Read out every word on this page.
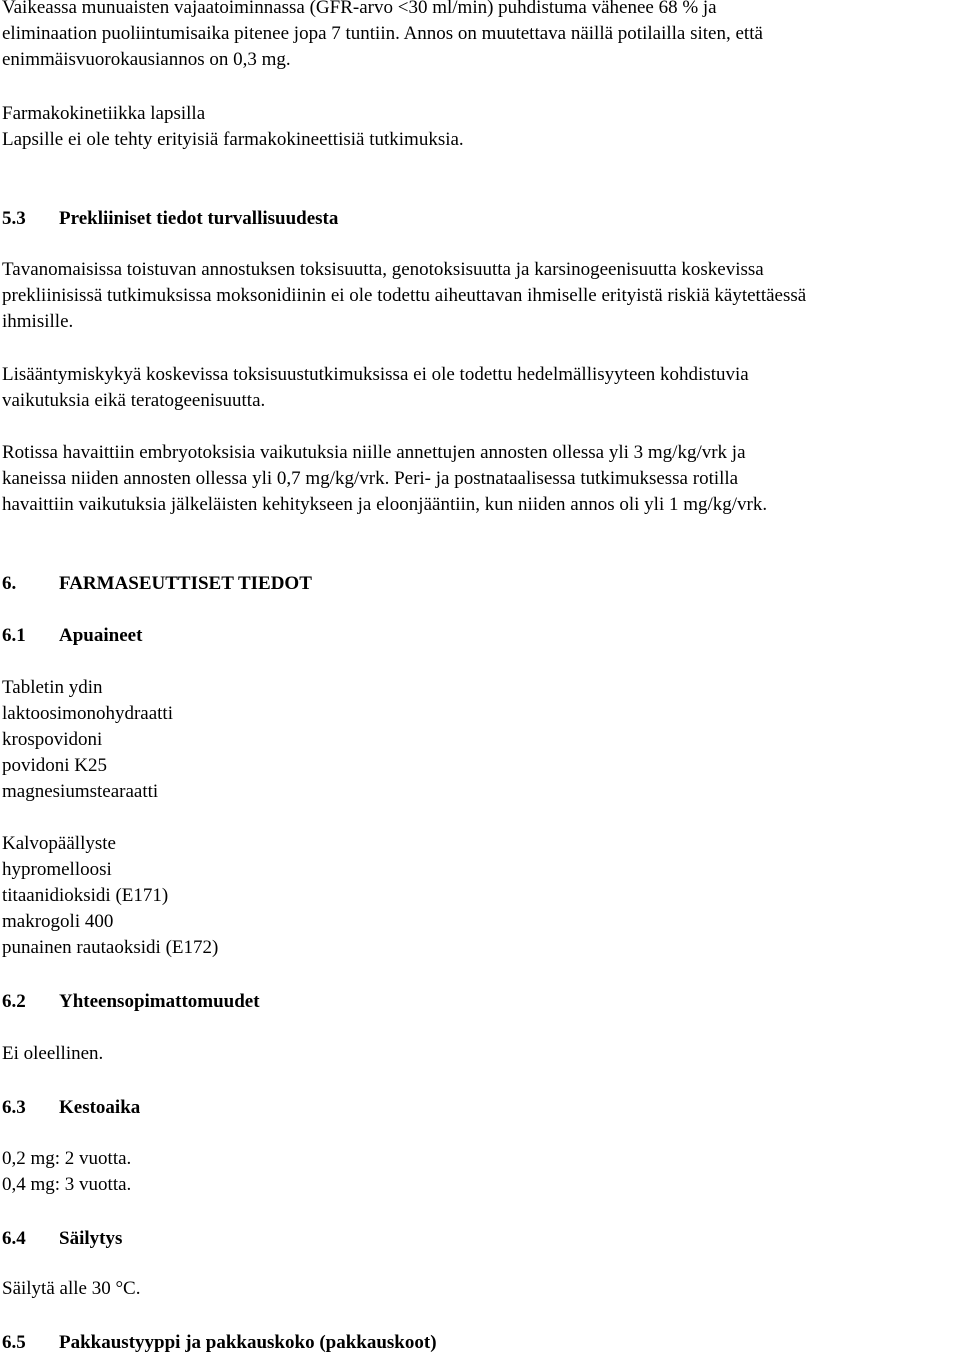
Vaikeassa munuaisten vajaatoiminnassa (GFR-arvo <30 ml/min) puhdistuma vähenee 68 % ja
eliminaation puoliintumisaika pitenee jopa 7 tuntiin. Annos on muutettava näillä potilailla siten, että
enimmäisvuorokausiannos on 0,3 mg.
Farmakokinetiikka lapsilla
Lapsille ei ole tehty erityisiä farmakokineettisiä tutkimuksia.
5.3 Prekliiniset tiedot turvallisuudesta
Tavanomaisissa toistuvan annostuksen toksisuutta, genotoksisuutta ja karsinogeenisuutta koskevissa
prekliinisissä tutkimuksissa moksonidiinin ei ole todettu aiheuttavan ihmiselle erityistä riskiä käytettäessä
ihmisille.
Lisääntymiskykyä koskevissa toksisuustutkimuksissa ei ole todettu hedelmällisyyteen kohdistuvia
vaikutuksia eikä teratogeenisuutta.
Rotissa havaittiin embryotoksisia vaikutuksia niille annettujen annosten ollessa yli 3 mg/kg/vrk ja
kaneissa niiden annosten ollessa yli 0,7 mg/kg/vrk. Peri- ja postnataalisessa tutkimuksessa rotilla
havaittiin vaikutuksia jälkeläisten kehitykseen ja eloonjääntiin, kun niiden annos oli yli 1 mg/kg/vrk.
6. FARMASEUTTISET TIEDOT
6.1 Apuaineet
Tabletin ydin
laktoosimonohydraatti
krospovidoni
povidoni K25
magnesiumstearaatti
Kalvopäällyste
hypromelloosi
titaanidioksidi (E171)
makrogoli 400
punainen rautaoksidi (E172)
6.2 Yhteensopimattomuudet
Ei oleellinen.
6.3 Kestoaika
0,2 mg: 2 vuotta.
0,4 mg: 3 vuotta.
6.4 Säilytys
Säilytä alle 30 °C.
6.5 Pakkaustyyppi ja pakkauskoko (pakkauskoot)
